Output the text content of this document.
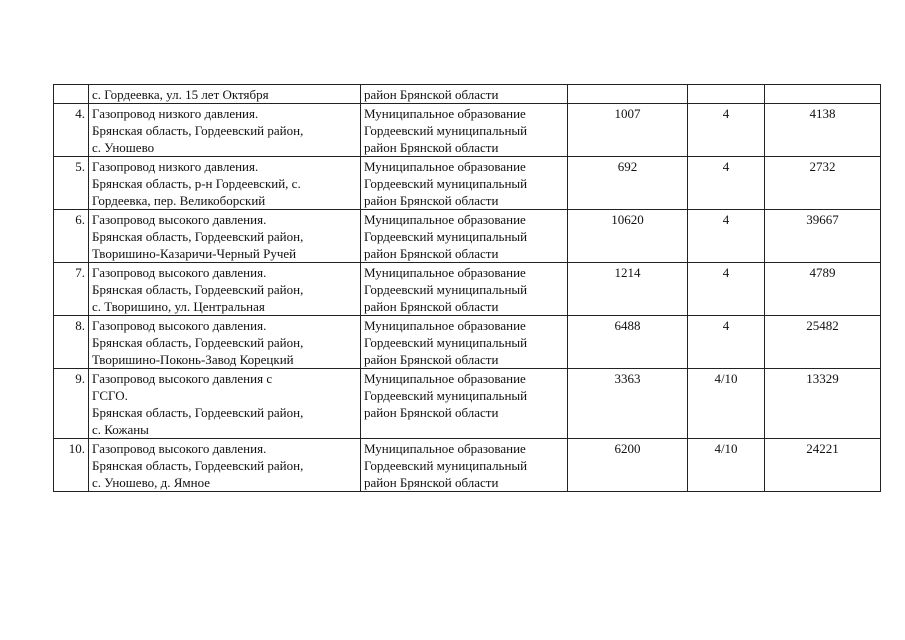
	с. Гордеевка, ул. 15 лет Октября	район Брянской области			

4.	Газопровод низкого давления.
Брянская область, Гордеевский район,
с. Уношево	Муниципальное образование
Гордеевский муниципальный
район Брянской области	1007	4	4138
5.	Газопровод низкого давления.
Брянская область, р-н Гордеевский, с.
Гордеевка, пер. Великоборский	Муниципальное образование
Гордеевский муниципальный
район Брянской области	692	4	2732
6.	Газопровод высокого давления.
Брянская область, Гордеевский район,
Творишино-Казаричи-Черный Ручей	Муниципальное образование
Гордеевский муниципальный
район Брянской области	10620	4	39667
7.	Газопровод высокого давления.
Брянская область, Гордеевский район,
с. Творишино, ул. Центральная	Муниципальное образование
Гордеевский муниципальный
район Брянской области	1214	4	4789
8.	Газопровод высокого давления.
Брянская область, Гордеевский район,
Творишино-Поконь-Завод Корецкий	Муниципальное образование
Гордеевский муниципальный
район Брянской области	6488	4	25482
9.	Газопровод высокого давления с
ГСГО.
Брянская область, Гордеевский район,
с. Кожаны	Муниципальное образование
Гордеевский муниципальный
район Брянской области	3363	4/10	13329
10.	Газопровод высокого давления.
Брянская область, Гордеевский район,
с. Уношево, д. Ямное	Муниципальное образование
Гордеевский муниципальный
район Брянской области	6200	4/10	24221
